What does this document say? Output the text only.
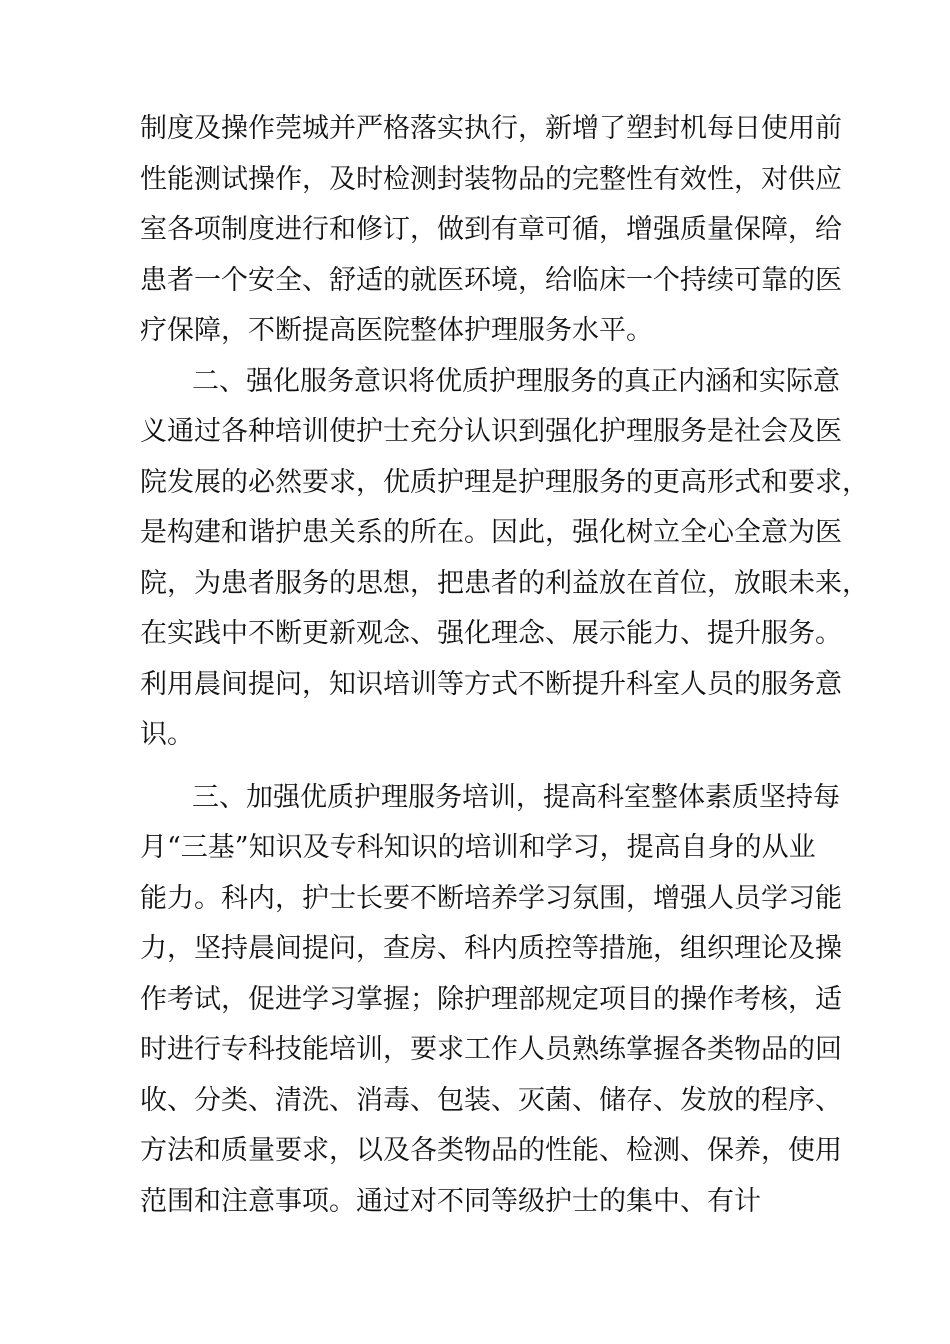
制度及操作莞城并严格落实执行，新增了塑封机每日使用前
性能测试操作，及时检测封装物品的完整性有效性，对供应
室各项制度进行和修订，做到有章可循，增强质量保障，给
患者一个安全、舒适的就医环境，给临床一个持续可靠的医
疗保障，不断提高医院整体护理服务水平。
二、强化服务意识将优质护理服务的真正内涵和实际意
义通过各种培训使护士充分认识到强化护理服务是社会及医
院发展的必然要求，优质护理是护理服务的更高形式和要求，
是构建和谐护患关系的所在。因此，强化树立全心全意为医
院，为患者服务的思想，把患者的利益放在首位，放眼未来，
在实践中不断更新观念、强化理念、展示能力、提升服务。
利用晨间提问，知识培训等方式不断提升科室人员的服务意
识。
三、加强优质护理服务培训，提高科室整体素质坚持每
月“三基”知识及专科知识的培训和学习，提高自身的从业
能力。科内，护士长要不断培养学习氛围，增强人员学习能
力，坚持晨间提问，查房、科内质控等措施，组织理论及操
作考试，促进学习掌握；除护理部规定项目的操作考核，适
时进行专科技能培训，要求工作人员熟练掌握各类物品的回
收、分类、清洗、消毒、包装、灭菌、储存、发放的程序、
方法和质量要求，以及各类物品的性能、检测、保养，使用
范围和注意事项。通过对不同等级护士的集中、有计
